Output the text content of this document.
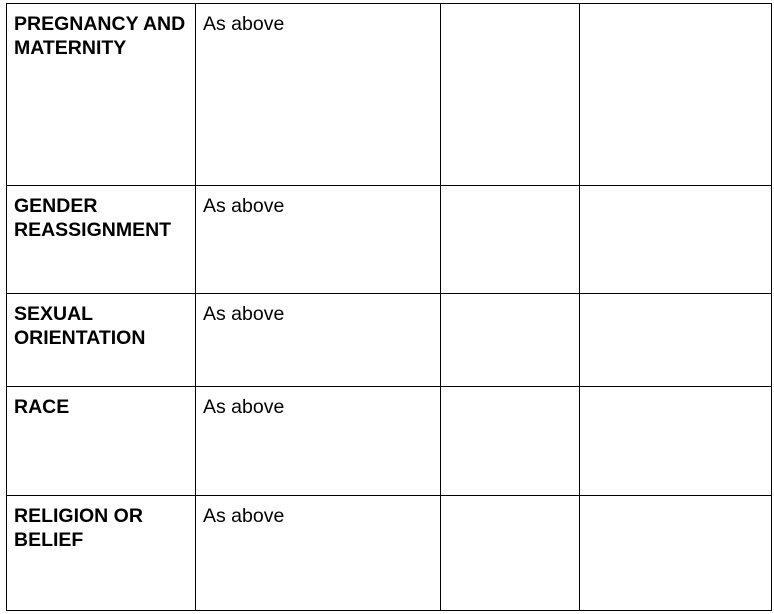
PREGNANCY AND MATERNITY	As above		
GENDER REASSIGNMENT	As above		
SEXUAL ORIENTATION	As above		
RACE	As above		
RELIGION OR BELIEF	As above		
